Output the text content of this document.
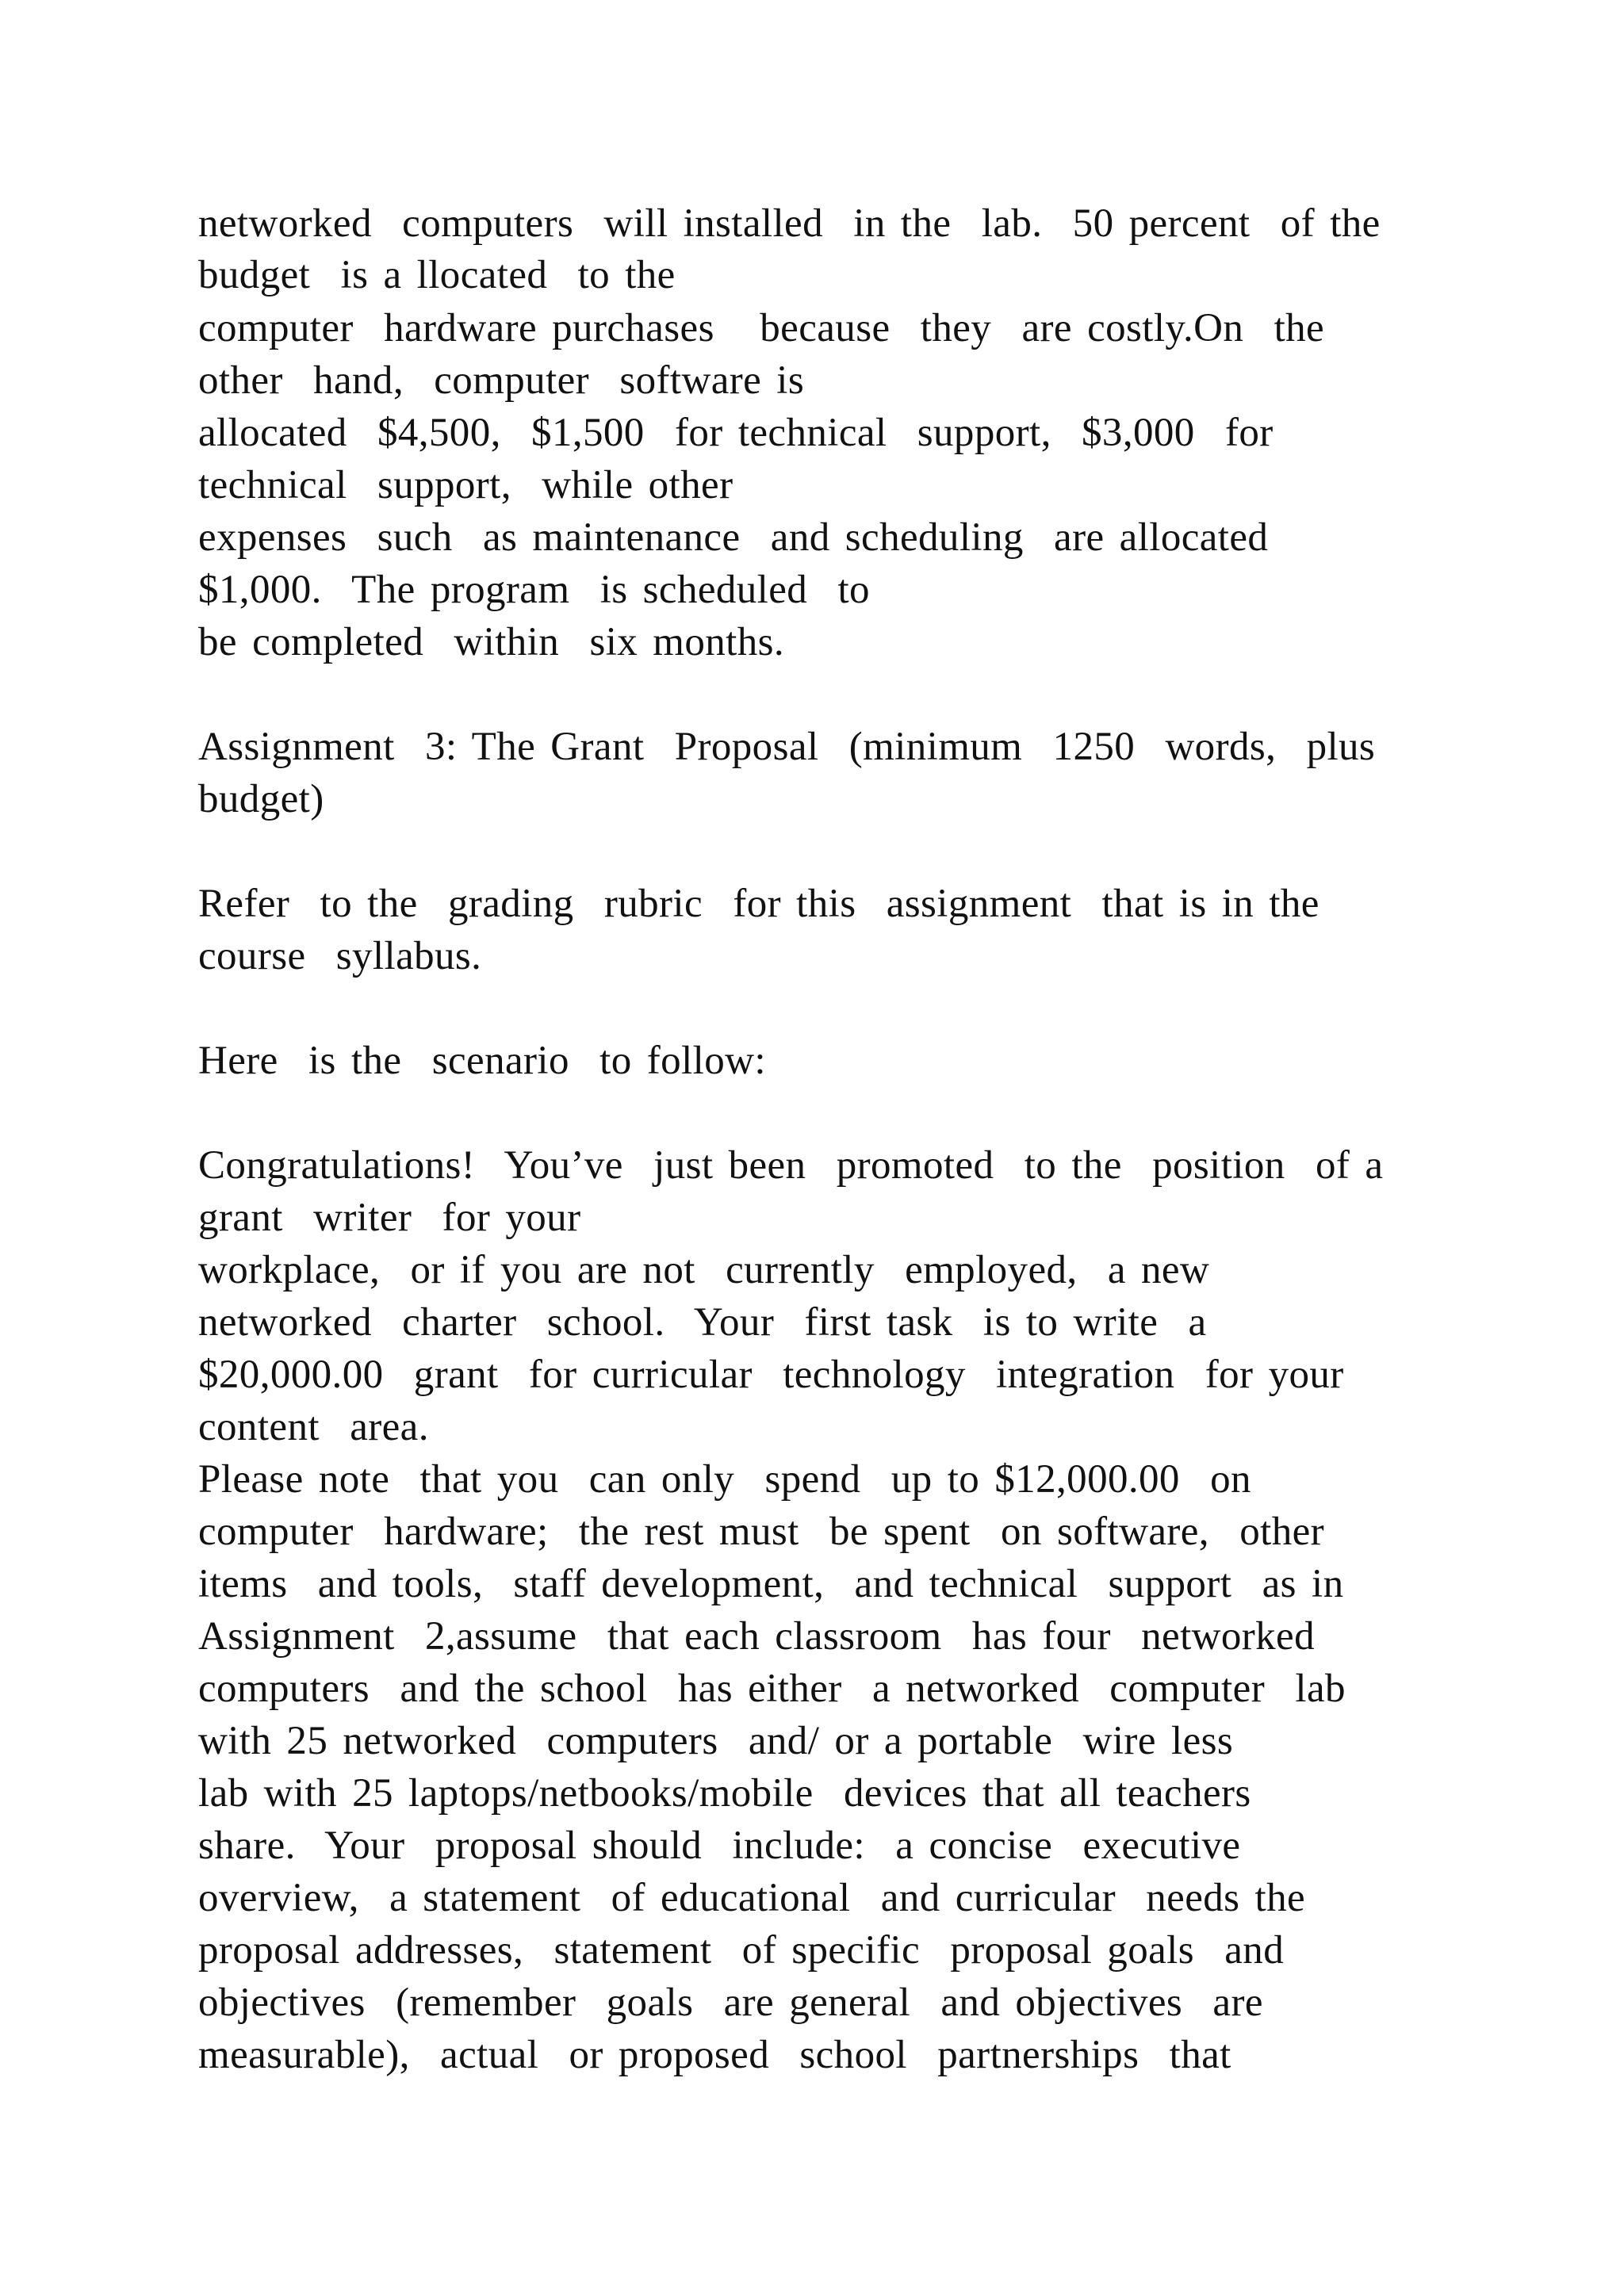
networked  computers  will installed  in the  lab.  50 percent  of the

budget  is a llocated  to the

computer  hardware purchases   because  they  are costly.On  the

other  hand,  computer  software is

allocated  $4,500,  $1,500  for technical  support,  $3,000  for

technical  support,  while other

expenses  such  as maintenance  and scheduling  are allocated

$1,000.  The program  is scheduled  to

be completed  within  six months.

Assignment  3: The Grant  Proposal  (minimum  1250  words,  plus

budget)

Refer  to the  grading  rubric  for this  assignment  that is in the

course  syllabus.

Here  is the  scenario  to follow:

Congratulations!  You’ve  just been  promoted  to the  position  of a

grant  writer  for your

workplace,  or if you are not  currently  employed,  a new

networked  charter  school.  Your  first task  is to write  a

$20,000.00  grant  for curricular  technology  integration  for your

content  area.

Please note  that you  can only  spend  up to $12,000.00  on

computer  hardware;  the rest must  be spent  on software,  other

items  and tools,  staff development,  and technical  support  as in

Assignment  2,assume  that each classroom  has four  networked

computers  and the school  has either  a networked  computer  lab

with 25 networked  computers  and/ or a portable  wire less

lab with 25 laptops/netbooks/mobile  devices that all teachers

share.  Your  proposal should  include:  a concise  executive

overview,  a statement  of educational  and curricular  needs the

proposal addresses,  statement  of specific  proposal goals  and

objectives  (remember  goals  are general  and objectives  are

measurable),  actual  or proposed  school  partnerships  that
